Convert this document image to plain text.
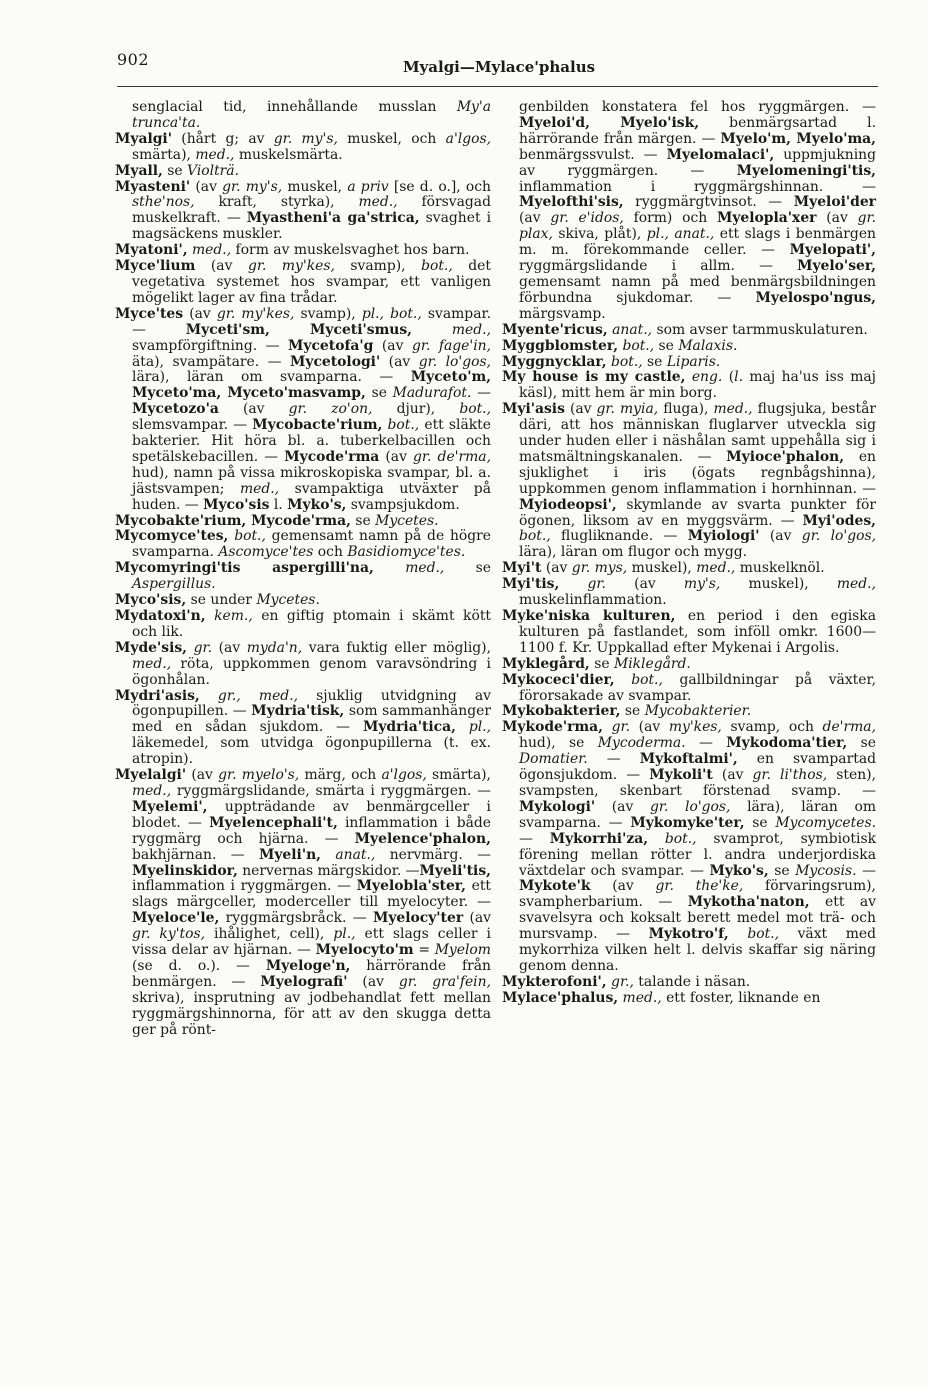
902	Myalgi—Mylace'phalus

senglacial tid, innehållande musslan My'a trunca'ta.

Myalgi' (hårt g; av gr. my's, muskel, och a'lgos, smärta), med., muskelsmärta.

Myall, se Violträ.

Myasteni' (av gr. my's, muskel, a priv [se d. o.], och sthe'nos, kraft, styrka), med., försvagad muskelkraft. — Myastheni'a ga'strica, svaghet i magsäckens muskler.

Myatoni', med., form av muskelsvaghet hos barn.

Myce'lium (av gr. my'kes, svamp), bot., det vegetativa systemet hos svampar, ett vanligen mögelikt lager av fina trådar.

Myce'tes (av gr. my'kes, svamp), pl., bot., svampar. — Myceti'sm, Myceti'smus,	med., svampförgiftning. — Mycetofa'g (av gr. fage'in, äta), svampätare. — Mycetologi' (av gr. lo'gos, lära), läran om svamparna. — Myceto'm, Myceto'ma, Myceto'masvamp, se Madurafot. — Mycetozo'a (av gr. zo'on, djur), bot., slemsvampar. — Mycobacte'rium, bot., ett släkte bakterier. Hit höra bl. a. tuberkelbacillen och spetälskebacillen. — Mycode'rma (av gr. de'rma, hud), namn på vissa mikroskopiska svampar, bl. a. jästsvampen; med., svampaktiga utväxter på huden. — Myco'sis l. Myko's, svampsjukdom.

Mycobakte'rium, Mycode'rma, se Mycetes.

Mycomyce'tes, bot., gemensamt namn på de högre svamparna. Ascomyce'tes och Basidiomyce'tes.

Mycomyringi'tis aspergilli'na, med., se Aspergillus.

Myco'sis, se under Mycetes.

Mydatoxi'n, kem., en giftig ptomain i skämt kött och lik.

Myde'sis, gr. (av myda'n, vara fuktig eller möglig), med., röta, uppkommen genom varavsöndring i ögonhålan.

Mydri'asis, gr., med., sjuklig utvidgning av ögonpupillen. — Mydria'tisk, som sammanhänger med en sådan sjukdom. — Mydria'tica, pl., läkemedel, som utvidga ögonpupillerna (t. ex. atropin).

Myelalgi' (av gr. myelo's, märg, och a'lgos, smärta), med., ryggmärgslidande, smärta i ryggmärgen. — Myelemi', uppträdande av benmärgceller i blodet. — Myelencephali't, inflammation i både ryggmärg och hjärna. — Myelence'phalon, bakhjärnan. — Myeli'n, anat., nervmärg. — Myelinskidor, nervernas märgskidor. —Myeli'tis, inflammation i ryggmärgen. — Myelobla'ster, ett slags märgceller, moderceller till myelocyter. — Myeloce'le, ryggmärgsbråck. — Myelocy'ter (av gr. ky'tos, ihålighet, cell), pl., ett slags celler i vissa delar av hjärnan. — Myelocyto'm = Myelom (se d. o.). — Myeloge'n, härrörande från benmärgen. — Myelografi' (av gr. gra'fein, skriva), insprutning av jodbehandlat fett mellan ryggmärgshinnorna, för att av den skugga detta ger på rönt-

genbilden konstatera fel hos ryggmärgen. — Myeloi'd, Myelo'isk, benmärgsartad l. härrörande från märgen. — Myelo'm, Myelo'ma, benmärgssvulst. — Myelomalaci', uppmjukning av ryggmärgen. — Myelomeningi'tis, inflammation i ryggmärgshinnan. — Myelofthi'sis, ryggmärgtvinsot. — Myeloi'der (av gr. e'idos, form) och Myelopla'xer (av gr. plax, skiva, plåt), pl., anat., ett slags i benmärgen m. m. förekommande celler. — Myelopati', ryggmärgslidande i allm. — Myelo'ser, gemensamt namn på med benmärgsbildningen förbundna sjukdomar. — Myelospo'ngus, märgsvamp.

Myente'ricus, anat., som avser tarmmuskulaturen.

Myggblomster, bot., se Malaxis.

Myggnycklar, bot., se Liparis.

My house is my castle, eng. (l. maj ha'us iss maj käsl), mitt hem är min borg.

Myi'asis (av gr. myia, fluga), med., flugsjuka, består däri, att hos människan fluglarver utveckla sig under huden eller i näshålan samt uppehålla sig i matsmältningskanalen. — Myioce'phalon, en sjuklighet i iris (ögats regnbågshinna), uppkommen genom inflammation i hornhinnan. — Myiodeopsi', skymlande av svarta punkter för ögonen, liksom av en myggsvärm. — Myi'odes, bot., flugliknande. — Myiologi' (av gr. lo'gos, lära), läran om flugor och mygg.

Myi't (av gr. mys, muskel), med., muskelknöl.

Myi'tis, gr. (av my's, muskel), med., muskelinflammation.

Myke'niska kulturen, en period i den egiska kulturen på fastlandet, som inföll omkr. 1600—1100 f. Kr. Uppkallad efter Mykenai i Argolis.

Myklegård, se Miklegård.

Mykoceci'dier, bot., gallbildningar på växter, förorsakade av svampar.

Mykobakterier, se Mycobakterier.

Mykode'rma, gr. (av my'kes, svamp, och de'rma, hud), se Mycoderma. — Mykodoma'tier, se Domatier. — Mykoftalmi', en svampartad ögonsjukdom. — Mykoli't (av gr. li'thos, sten), svampsten, skenbart förstenad svamp. — Mykologi' (av gr. lo'gos, lära), läran om svamparna. — Mykomyke'ter, se Mycomycetes. — Mykorrhi'za, bot., svamprot, symbiotisk förening mellan rötter l. andra underjordiska växtdelar och svampar. — Myko's, se Mycosis. — Mykote'k (av gr. the'ke, förvaringsrum), svampherbarium. — Mykotha'naton, ett av svavelsyra och koksalt berett medel mot trä- och mursvamp. — Mykotro'f, bot., växt med mykorrhiza vilken helt l. delvis skaffar sig näring genom denna.

Mykterofoni', gr., talande i näsan.

Mylace'phalus, med., ett foster, liknande en
